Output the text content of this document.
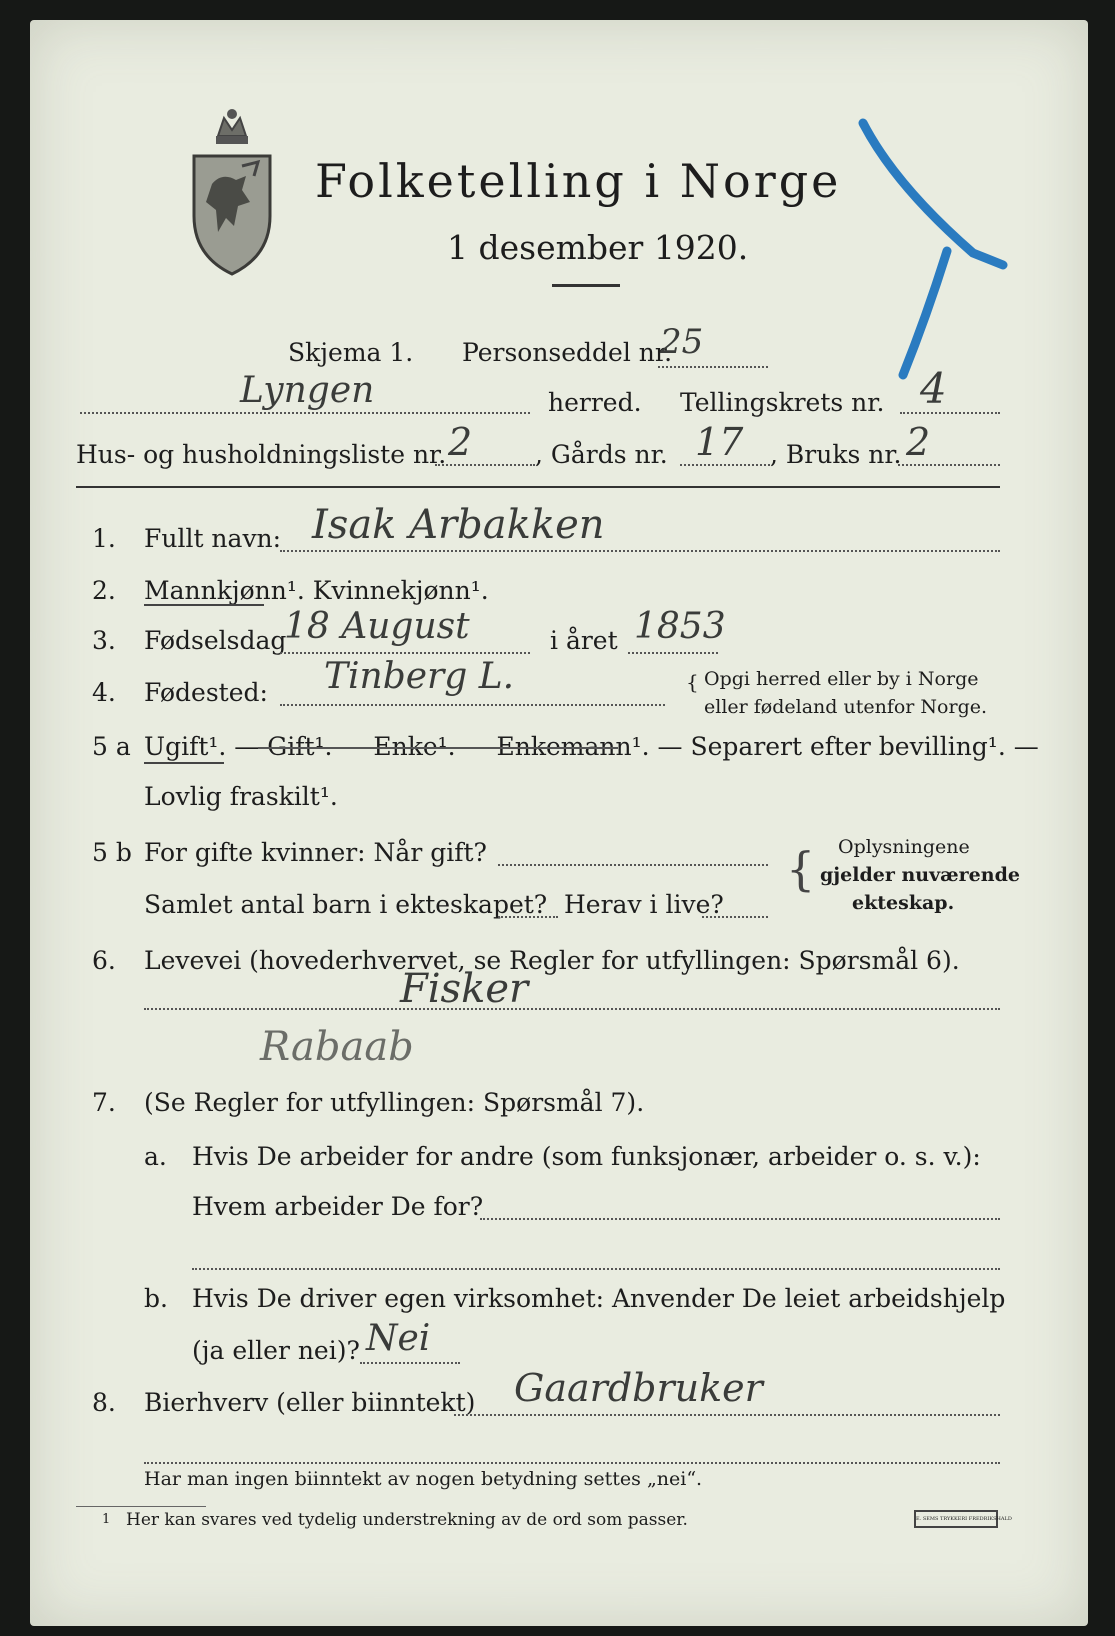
Folketelling i Norge
1 desember 1920.
Skjema 1. Personseddel nr.
25
Lyngen	herred. Tellingskrets nr. 4
Hus- og husholdningsliste nr. 2	, Gårds nr. 17 , Bruks nr. 2
1. Fullt navn: Isak Arbakken
2. Mannkjønn¹. Kvinnekjønn¹.
3. Fødselsdag
18 August	i året 1853
4. Fødested: Tinberg L.	{ Opgi herred eller by i Norge
eller fødeland utenfor Norge.
5 a Ugift¹. — Gift¹. — Enke¹. — Enkemann¹. — Separert efter bevilling¹. —
Lovlig fraskilt¹.
5 b For gifte kvinner: Når gift?
Samlet antal barn i ekteskapet? Herav i live?
{ Oplysningene
gjelder nuværende
ekteskap.
6. Levevei (hovederhvervet, se Regler for utfyllingen: Spørsmål 6).
Fisker
Rabaab
7. (Se Regler for utfyllingen: Spørsmål 7).
a. Hvis De arbeider for andre (som funksjonær, arbeider o. s. v.):
Hvem arbeider De for?
b. Hvis De driver egen virksomhet: Anvender De leiet arbeidshjelp
(ja eller nei)? Nei
8. Bierhverv (eller biinntekt) Gaardbruker
Har man ingen biinntekt av nogen betydning settes „nei“.
1 Her kan svares ved tydelig understrekning av de ord som passer.	E. SEMS TRYKKERI FREDRIKSHALD
